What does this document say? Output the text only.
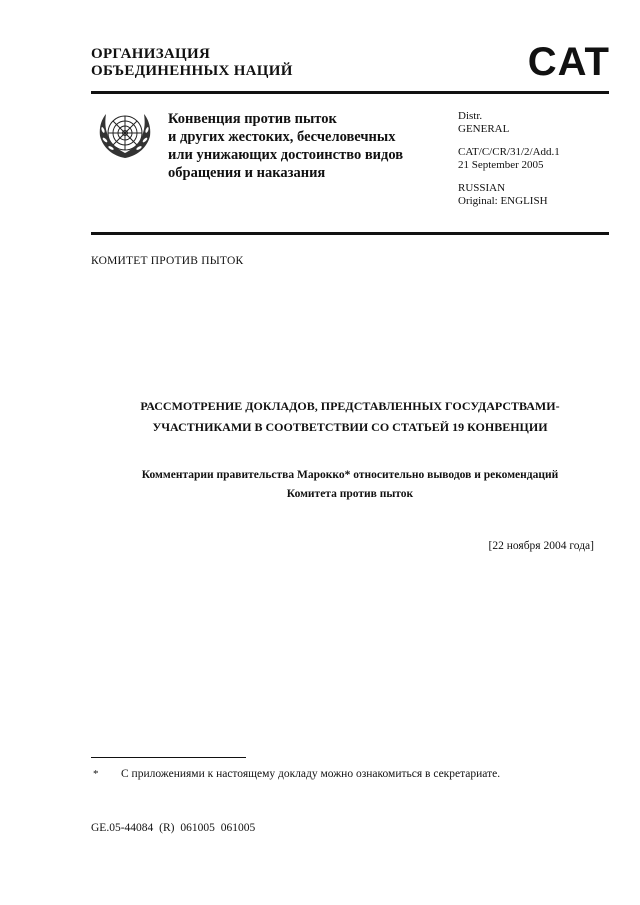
ОРГАНИЗАЦИЯ
ОБЪЕДИНЕННЫХ НАЦИЙ	CAT
Конвенция против пыток
и других жестоких, бесчеловечных
или унижающих достоинство видов
обращения и наказания
Distr.
GENERAL
CAT/C/CR/31/2/Add.1
21 September 2005
RUSSIAN
Original: ENGLISH
КОМИТЕТ ПРОТИВ ПЫТОК
РАССМОТРЕНИЕ ДОКЛАДОВ, ПРЕДСТАВЛЕННЫХ ГОСУДАРСТВАМИ-
УЧАСТНИКАМИ В СООТВЕТСТВИИ СО СТАТЬЕЙ 19 КОНВЕНЦИИ
Комментарии правительства Марокко* относительно выводов и рекомендаций
Комитета против пыток
[22 ноября 2004 года]
* С приложениями к настоящему докладу можно ознакомиться в секретариате.
GE.05-44084 (R) 061005 061005
